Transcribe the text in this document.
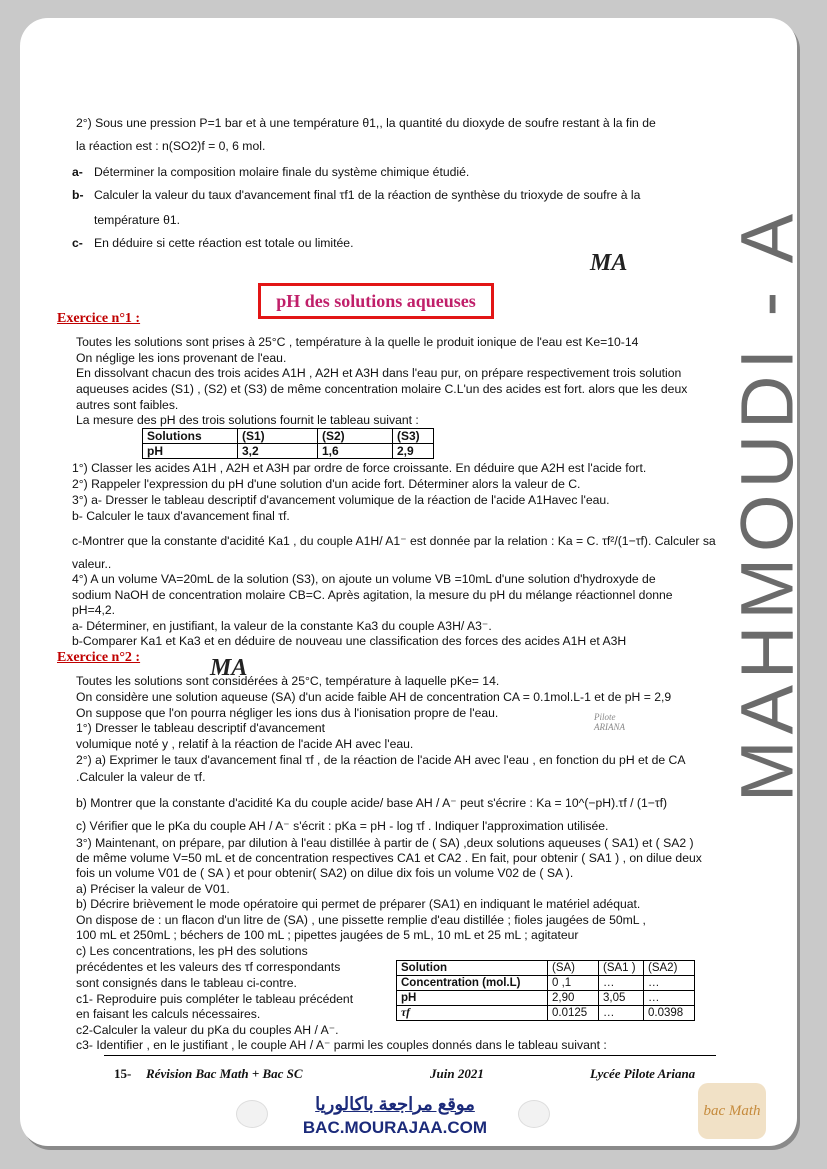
2°) Sous une pression P=1 bar et à une température θ1,, la quantité du dioxyde de soufre restant à la fin de
la réaction est : n(SO2)f = 0, 6 mol.
a- Déterminer la composition molaire finale du système chimique étudié.
b- Calculer la valeur du taux d'avancement final τf1 de la réaction de synthèse du trioxyde de soufre à la
température θ1.
c- En déduire si cette réaction est totale ou limitée.
MA
pH des solutions aqueuses
Exercice n°1 :
Toutes les solutions sont prises à 25°C , température à la quelle le produit ionique de l'eau est Ke=10-14
On néglige les ions provenant de l'eau.
En dissolvant chacun des trois acides A1H , A2H et A3H dans l'eau pur, on prépare respectivement trois solution
aqueuses acides (S1) , (S2) et (S3) de même concentration molaire C.L'un des acides est fort. alors que les deux
autres sont faibles.
La mesure des pH des trois solutions fournit le tableau suivant :
Solutions	(S1)	(S2)	(S3)
pH	3,2	1,6	2,9
1°) Classer les acides A1H , A2H et A3H par ordre de force croissante. En déduire que A2H est l'acide fort.
2°) Rappeler l'expression du pH d'une solution d'un acide fort. Déterminer alors la valeur de C.
3°) a- Dresser le tableau descriptif d'avancement volumique de la réaction de l'acide A1Havec l'eau.
b- Calculer le taux d'avancement final τf.
c-Montrer que la constante d'acidité Ka1 , du couple A1H/ A1⁻ est donnée par la relation : Ka = C. τf²/(1−τf). Calculer sa
valeur..
4°) A un volume VA=20mL de la solution (S3), on ajoute un volume VB =10mL d'une solution d'hydroxyde de
sodium NaOH de concentration molaire CB=C. Après agitation, la mesure du pH du mélange réactionnel donne
pH=4,2.
a- Déterminer, en justifiant, la valeur de la constante Ka3 du couple A3H/ A3⁻.
b-Comparer Ka1 et Ka3 et en déduire de nouveau une classification des forces des acides A1H et A3H
Exercice n°2 :	MA
Toutes les solutions sont considérées à 25°C, température à laquelle pKe= 14.
On considère une solution aqueuse (SA) d'un acide faible AH de concentration CA = 0.1mol.L-1 et de pH = 2,9
On suppose que l'on pourra négliger les ions dus à l'ionisation propre de l'eau.
1°) Dresser le tableau descriptif d'avancement
volumique noté y , relatif à la réaction de l'acide AH avec l'eau.
2°) a) Exprimer le taux d'avancement final τf , de la réaction de l'acide AH avec l'eau , en fonction du pH et de CA
.Calculer la valeur de τf.
b) Montrer que la constante d'acidité Ka du couple acide/ base AH / A⁻ peut s'écrire : Ka = 10^(−pH).τf / (1−τf)
c) Vérifier que le pKa du couple AH / A⁻ s'écrit : pKa = pH - log τf . Indiquer l'approximation utilisée.
3°) Maintenant, on prépare, par dilution à l'eau distillée à partir de ( SA) ,deux solutions aqueuses ( SA1) et ( SA2 )
de même volume V=50 mL et de concentration respectives CA1 et CA2 . En fait, pour obtenir ( SA1 ) , on dilue deux
fois un volume V01 de ( SA ) et pour obtenir( SA2) on dilue dix fois un volume V02 de ( SA ).
a) Préciser la valeur de V01.
b) Décrire brièvement le mode opératoire qui permet de préparer (SA1) en indiquant le matériel adéquat.
On dispose de : un flacon d'un litre de (SA) , une pissette remplie d'eau distillée ; fioles jaugées de 50mL ,
100 mL et 250mL ; béchers de 100 mL ; pipettes jaugées de 5 mL, 10 mL et 25 mL ; agitateur
c) Les concentrations, les pH des solutions
précédentes et les valeurs des τf correspondants
sont consignés dans le tableau ci-contre.
c1- Reproduire puis compléter le tableau précédent
en faisant les calculs nécessaires.
c2-Calculer la valeur du pKa du couples AH / A⁻.
c3- Identifier , en le justifiant , le couple AH / A⁻ parmi les couples donnés dans le tableau suivant :
Solution	(SA)	(SA1 )	(SA2)
Concentration (mol.L)	0 ,1	…	…
pH	2,90	3,05	…
τf	0.0125	…	0.0398
MAHMOUDI - A
Pilote ARIANA
15- Révision Bac Math + Bac SC	Juin 2021	Lycée Pilote Ariana
موقع مراجعة باكالوريا
BAC.MOURAJAA.COM
bac Math
